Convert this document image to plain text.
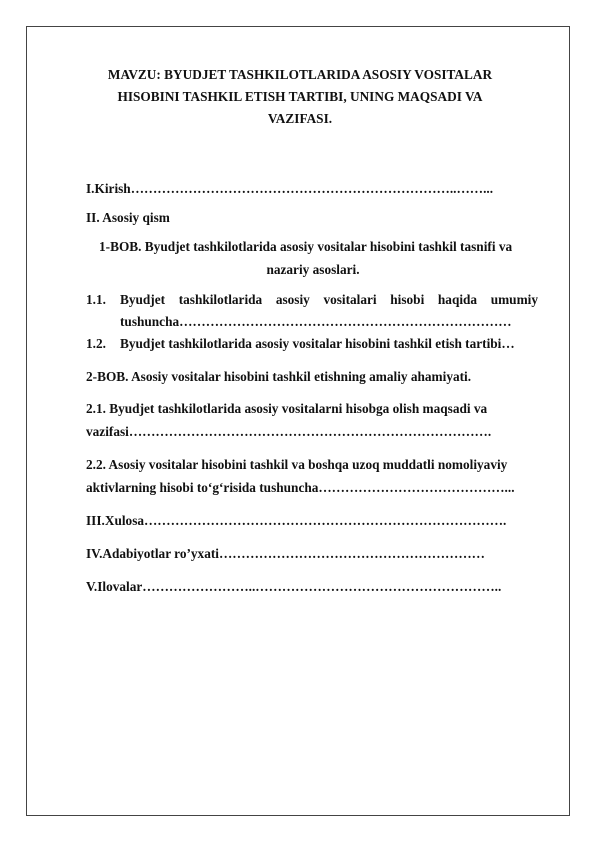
MAVZU: BYUDJET TASHKILOTLARIDA ASOSIY VOSITALAR
HISOBINI TASHKIL ETISH TARTIBI, UNING MAQSADI VA
VAZIFASI.
I.Kirish………………………………………………………………..……...
II. Asosiy qism
1-BOB. Byudjet tashkilotlarida asosiy vositalar hisobini tashkil tasnifi va
nazariy asoslari.
1.1. Byudjet tashkilotlarida asosiy vositalari hisobi haqida umumiy
tushuncha…………………………………………………………………
1.2. Byudjet tashkilotlarida asosiy vositalar hisobini tashkil etish tartibi…
2-BOB. Asosiy vositalar hisobini tashkil etishning amaliy ahamiyati.
2.1. Byudjet tashkilotlarida asosiy vositalarni hisobga olish maqsadi va
vazifasi……………………………………………………………………….
2.2. Asosiy vositalar hisobini tashkil va boshqa uzoq muddatli nomoliyaviy
aktivlarning hisobi to‘g‘risida tushuncha……………………………………...
III.Xulosa……………………………………………………………………….
IV.Adabiyotlar ro’yxati……………………………………………………
V.Ilovalar……………………..………………………………………………..
